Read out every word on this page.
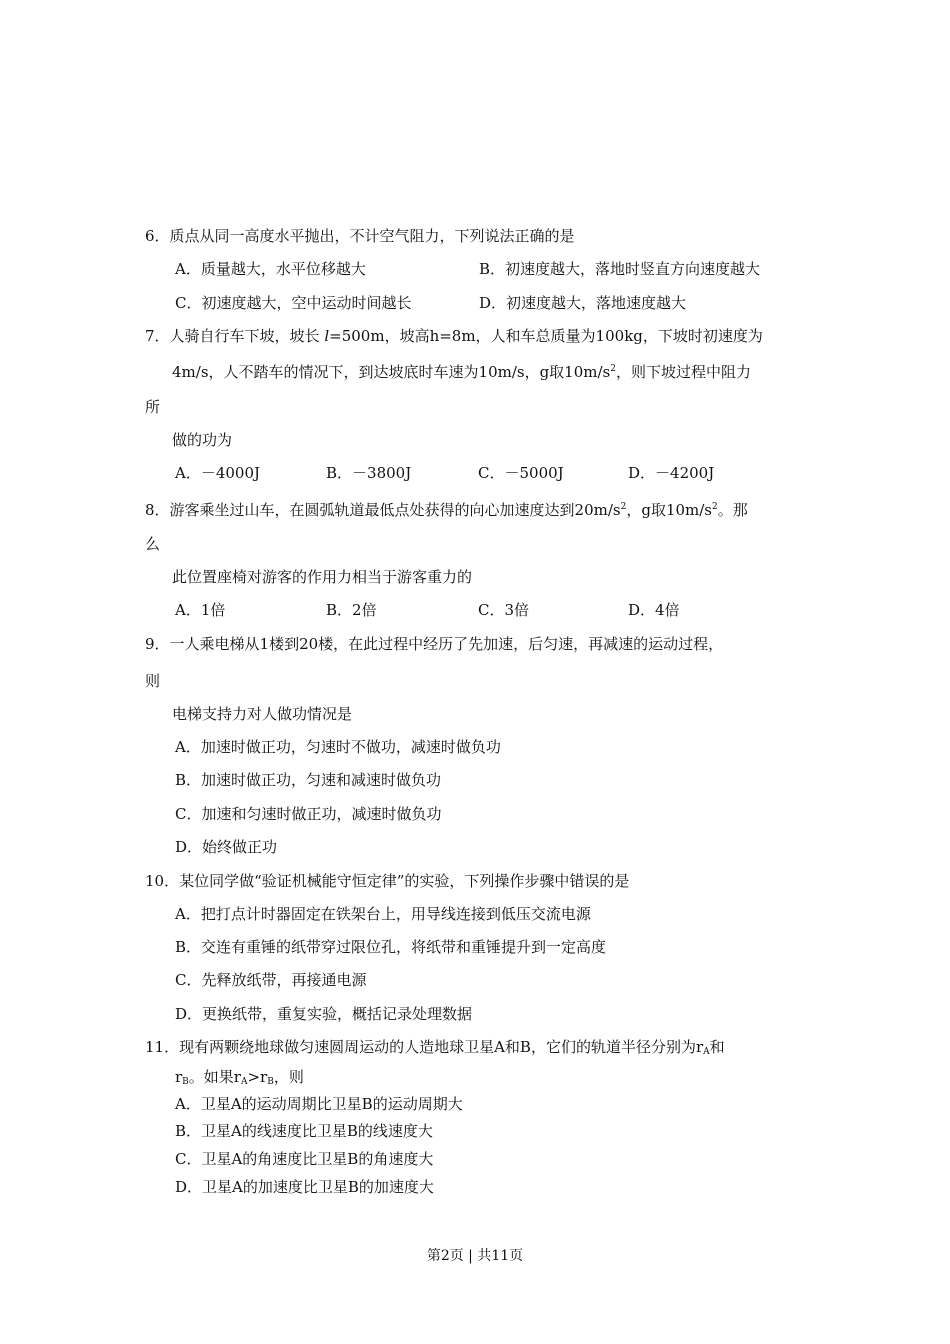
6．质点从同一高度水平抛出，不计空气阻力，下列说法正确的是
A．质量越大，水平位移越大	B．初速度越大，落地时竖直方向速度越大
C．初速度越大，空中运动时间越长	D．初速度越大，落地速度越大
7．人骑自行车下坡，坡长 l=500m，坡高h=8m，人和车总质量为100kg，下坡时初速度为
4m/s，人不踏车的情况下，到达坡底时车速为10m/s，g取$10m/s^2$，则下坡过程中阻力
所
做的功为
A．－4000J	B．－3800J	C．－5000J	D．－4200J
8．游客乘坐过山车，在圆弧轨道最低点处获得的向心加速度达到$20m/s^2$，g取$10m/s^2$。那
么
此位置座椅对游客的作用力相当于游客重力的
A．1倍	B．2倍	C．3倍	D．4倍
9．一人乘电梯从1楼到20楼，在此过程中经历了先加速，后匀速，再减速的运动过程，
则
电梯支持力对人做功情况是
A．加速时做正功，匀速时不做功，减速时做负功
B．加速时做正功，匀速和减速时做负功
C．加速和匀速时做正功，减速时做负功
D．始终做正功
10．某位同学做“验证机械能守恒定律”的实验，下列操作步骤中错误的是
A．把打点计时器固定在铁架台上，用导线连接到低压交流电源
B．交连有重锤的纸带穿过限位孔，将纸带和重锤提升到一定高度
C．先释放纸带，再接通电源
D．更换纸带，重复实验，概括记录处理数据
11．现有两颗绕地球做匀速圆周运动的人造地球卫星A和B，它们的轨道半径分别为$r_A$和
$r_B$。如果$r_A>r_B$，则
A．卫星A的运动周期比卫星B的运动周期大
B．卫星A的线速度比卫星B的线速度大
C．卫星A的角速度比卫星B的角速度大
D．卫星A的加速度比卫星B的加速度大
第2页 | 共11页
